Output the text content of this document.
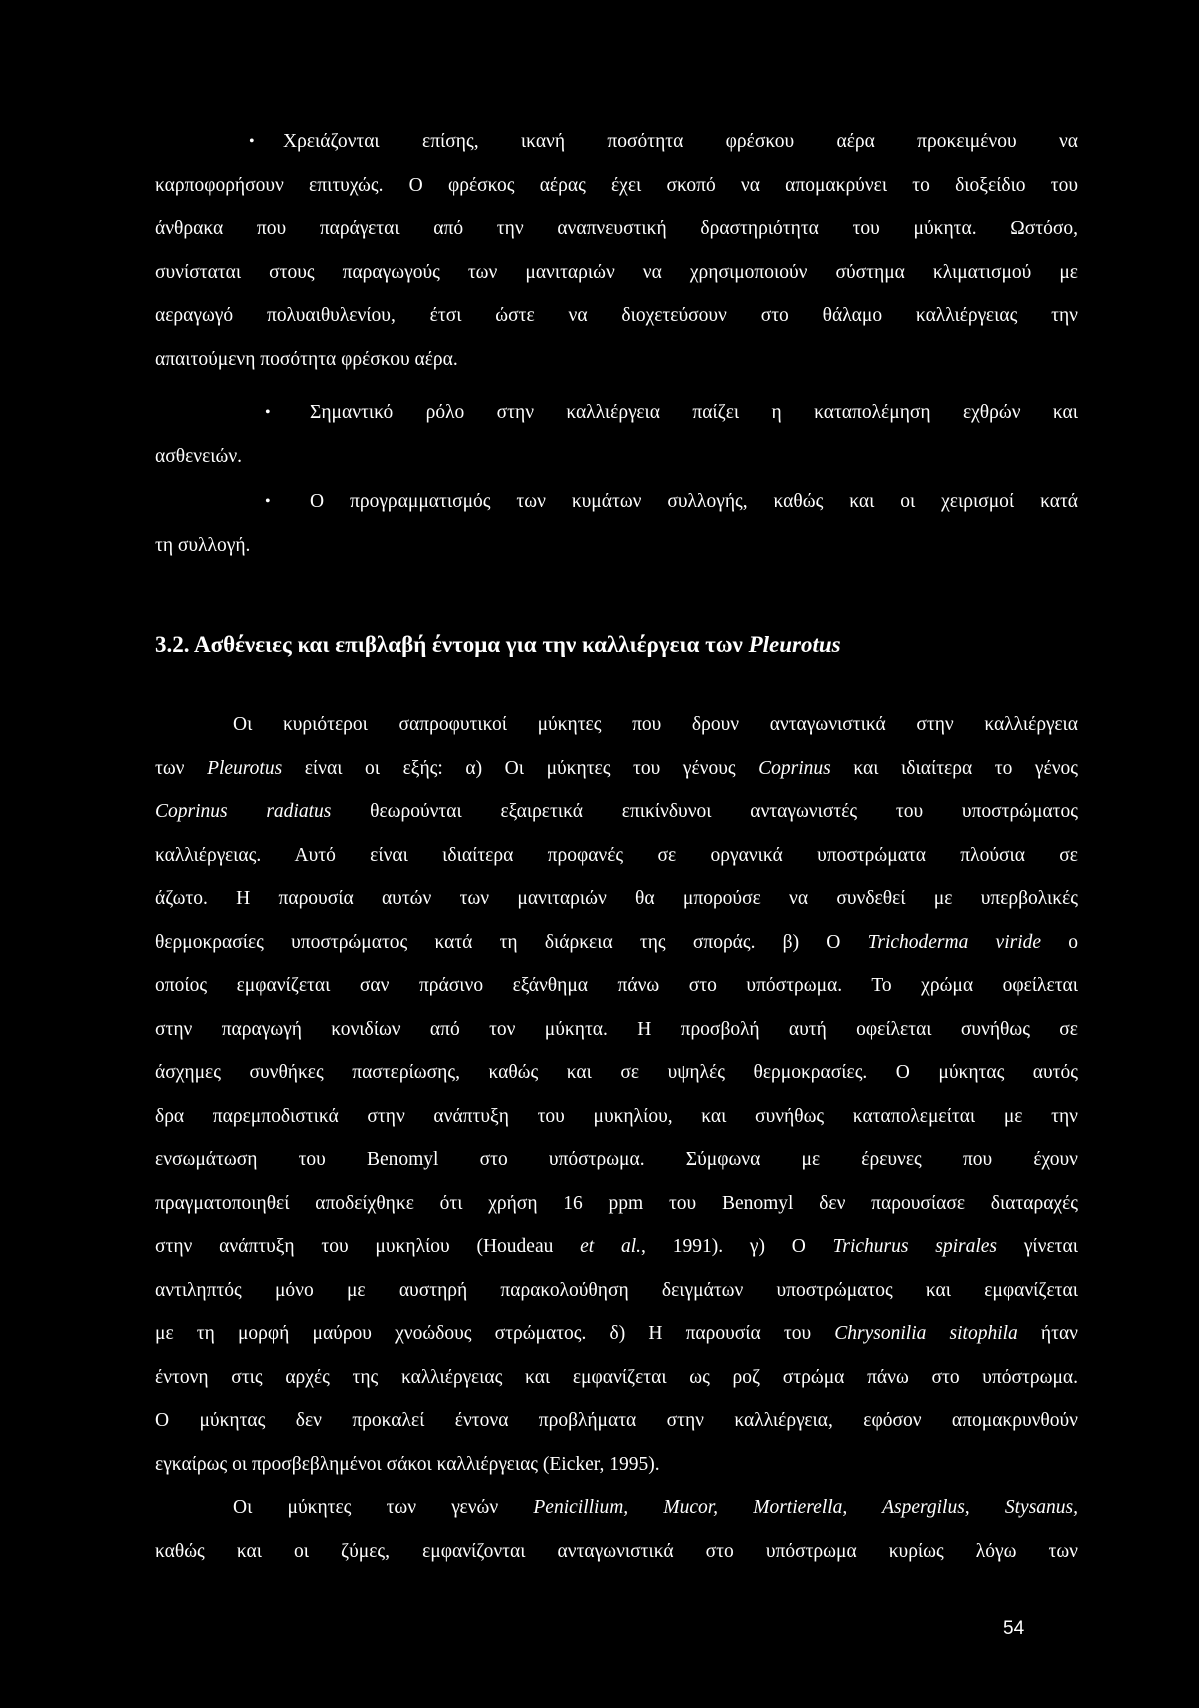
•	Χρειάζονται επίσης, ικανή ποσότητα φρέσκου αέρα προκειμένου να
καρποφορήσουν επιτυχώς. Ο φρέσκος αέρας έχει σκοπό να απομακρύνει το διοξείδιο του
άνθρακα που παράγεται από την αναπνευστική δραστηριότητα του μύκητα. Ωστόσο,
συνίσταται στους παραγωγούς των μανιταριών να χρησιμοποιούν σύστημα κλιματισμού με
αεραγωγό πολυαιθυλενίου, έτσι ώστε να διοχετεύσουν στο θάλαμο καλλιέργειας την
απαιτούμενη ποσότητα φρέσκου αέρα.
•	Σημαντικό ρόλο στην καλλιέργεια παίζει η καταπολέμηση εχθρών και
ασθενειών.
•	Ο προγραμματισμός των κυμάτων συλλογής, καθώς και οι χειρισμοί κατά
τη συλλογή.
3.2. Ασθένειες και επιβλαβή έντομα για την καλλιέργεια των Pleurotus
Οι κυριότεροι σαπροφυτικοί μύκητες που δρουν ανταγωνιστικά στην καλλιέργεια
των Pleurotus είναι οι εξής: α) Οι μύκητες του γένους Coprinus και ιδιαίτερα το γένος
Coprinus radiatus θεωρούνται εξαιρετικά επικίνδυνοι ανταγωνιστές του υποστρώματος
καλλιέργειας. Αυτό είναι ιδιαίτερα προφανές σε οργανικά υποστρώματα πλούσια σε
άζωτο. Η παρουσία αυτών των μανιταριών θα μπορούσε να συνδεθεί με υπερβολικές
θερμοκρασίες υποστρώματος κατά τη διάρκεια της σποράς. β) Ο Trichoderma viride ο
οποίος εμφανίζεται σαν πράσινο εξάνθημα πάνω στο υπόστρωμα. Το χρώμα οφείλεται
στην παραγωγή κονιδίων από τον μύκητα. Η προσβολή αυτή οφείλεται συνήθως σε
άσχημες συνθήκες παστερίωσης, καθώς και σε υψηλές θερμοκρασίες. Ο μύκητας αυτός
δρα παρεμποδιστικά στην ανάπτυξη του μυκηλίου, και συνήθως καταπολεμείται με την
ενσωμάτωση του Benomyl στο υπόστρωμα. Σύμφωνα με έρευνες που έχουν
πραγματοποιηθεί αποδείχθηκε ότι χρήση 16 ppm του Benomyl δεν παρουσίασε διαταραχές
στην ανάπτυξη του μυκηλίου (Houdeau et al., 1991). γ) Ο Trichurus spirales γίνεται
αντιληπτός μόνο με αυστηρή παρακολούθηση δειγμάτων υποστρώματος και εμφανίζεται
με τη μορφή μαύρου χνοώδους στρώματος. δ) Η παρουσία του Chrysonilia sitophila ήταν
έντονη στις αρχές της καλλιέργειας και εμφανίζεται ως ροζ στρώμα πάνω στο υπόστρωμα.
Ο μύκητας δεν προκαλεί έντονα προβλήματα στην καλλιέργεια, εφόσον απομακρυνθούν
εγκαίρως οι προσβεβλημένοι σάκοι καλλιέργειας (Eicker, 1995).
Οι μύκητες των γενών Penicillium, Mucor, Mortierella, Aspergilus, Stysanus,
καθώς και οι ζύμες, εμφανίζονται ανταγωνιστικά στο υπόστρωμα κυρίως λόγω των
54
